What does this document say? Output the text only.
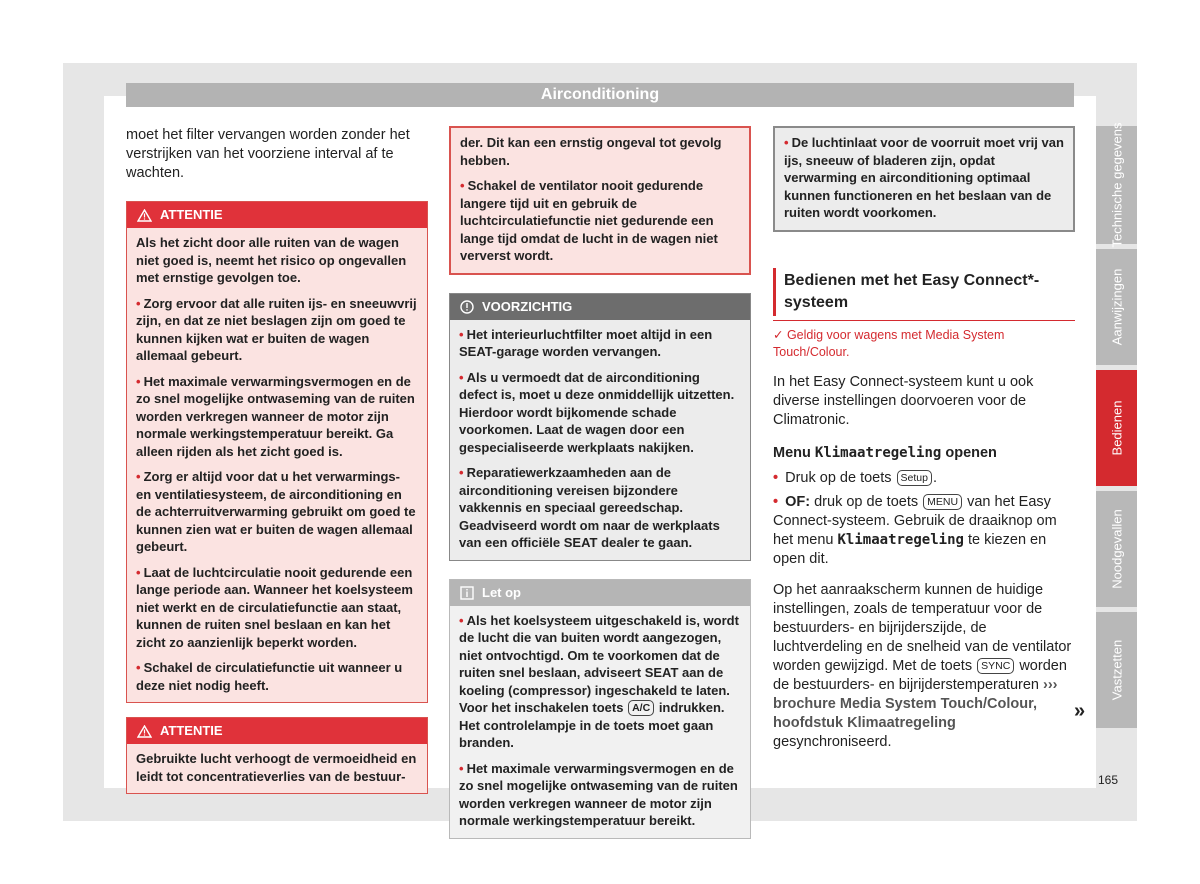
Airconditioning

moet het filter vervangen worden zonder het verstrijken van het voorziene interval af te wachten.

ATTENTIE

Als het zicht door alle ruiten van de wagen niet goed is, neemt het risico op ongevallen met ernstige gevolgen toe.

• Zorg ervoor dat alle ruiten ijs- en sneeuwvrij zijn, en dat ze niet beslagen zijn om goed te kunnen kijken wat er buiten de wagen allemaal gebeurt.

• Het maximale verwarmingsvermogen en de zo snel mogelijke ontwaseming van de ruiten worden verkregen wanneer de motor zijn normale werkingstemperatuur bereikt. Ga alleen rijden als het zicht goed is.

• Zorg er altijd voor dat u het verwarmings- en ventilatiesysteem, de airconditioning en de achterruitverwarming gebruikt om goed te kunnen zien wat er buiten de wagen allemaal gebeurt.

• Laat de luchtcirculatie nooit gedurende een lange periode aan. Wanneer het koelsysteem niet werkt en de circulatiefunctie aan staat, kunnen de ruiten snel beslaan en kan het zicht zo aanzienlijk beperkt worden.

• Schakel de circulatiefunctie uit wanneer u deze niet nodig heeft.

ATTENTIE

Gebruikte lucht verhoogt de vermoeidheid en leidt tot concentratieverlies van de bestuur-

der. Dit kan een ernstig ongeval tot gevolg hebben.

• Schakel de ventilator nooit gedurende langere tijd uit en gebruik de luchtcirculatiefunctie niet gedurende een lange tijd omdat de lucht in de wagen niet ververst wordt.

VOORZICHTIG

• Het interieurluchtfilter moet altijd in een SEAT-garage worden vervangen.

• Als u vermoedt dat de airconditioning defect is, moet u deze onmiddellijk uitzetten. Hierdoor wordt bijkomende schade voorkomen. Laat de wagen door een gespecialiseerde werkplaats nakijken.

• Reparatiewerkzaamheden aan de airconditioning vereisen bijzondere vakkennis en speciaal gereedschap. Geadviseerd wordt om naar de werkplaats van een officiële SEAT dealer te gaan.

Let op

• Als het koelsysteem uitgeschakeld is, wordt de lucht die van buiten wordt aangezogen, niet ontvochtigd. Om te voorkomen dat de ruiten snel beslaan, adviseert SEAT aan de koeling (compressor) ingeschakeld te laten. Voor het inschakelen toets A/C indrukken. Het controlelampje in de toets moet gaan branden.

• Het maximale verwarmingsvermogen en de zo snel mogelijke ontwaseming van de ruiten worden verkregen wanneer de motor zijn normale werkingstemperatuur bereikt.

• De luchtinlaat voor de voorruit moet vrij van ijs, sneeuw of bladeren zijn, opdat verwarming en airconditioning optimaal kunnen functioneren en het beslaan van de ruiten wordt voorkomen.

Bedienen met het Easy Connect*-systeem

✓ Geldig voor wagens met Media System Touch/Colour.

In het Easy Connect-systeem kunt u ook diverse instellingen doorvoeren voor de Climatronic.

Menu Klimaatregeling openen

• Druk op de toets Setup .

• OF: druk op de toets MENU van het Easy Connect-systeem. Gebruik de draaiknop om het menu Klimaatregeling te kiezen en open dit.

Op het aanraakscherm kunnen de huidige instellingen, zoals de temperatuur voor de bestuurders- en bijrijderszijde, de luchtverdeling en de snelheid van de ventilator worden gewijzigd. Met de toets SYNC worden de bestuurders- en bijrijderstemperaturen ››› brochure Media System Touch/Colour, hoofdstuk Klimaatregeling gesynchroniseerd.

»
Technische gegevens
Aanwijzingen
Bedienen
Noodgevallen
Vastzetten
165
